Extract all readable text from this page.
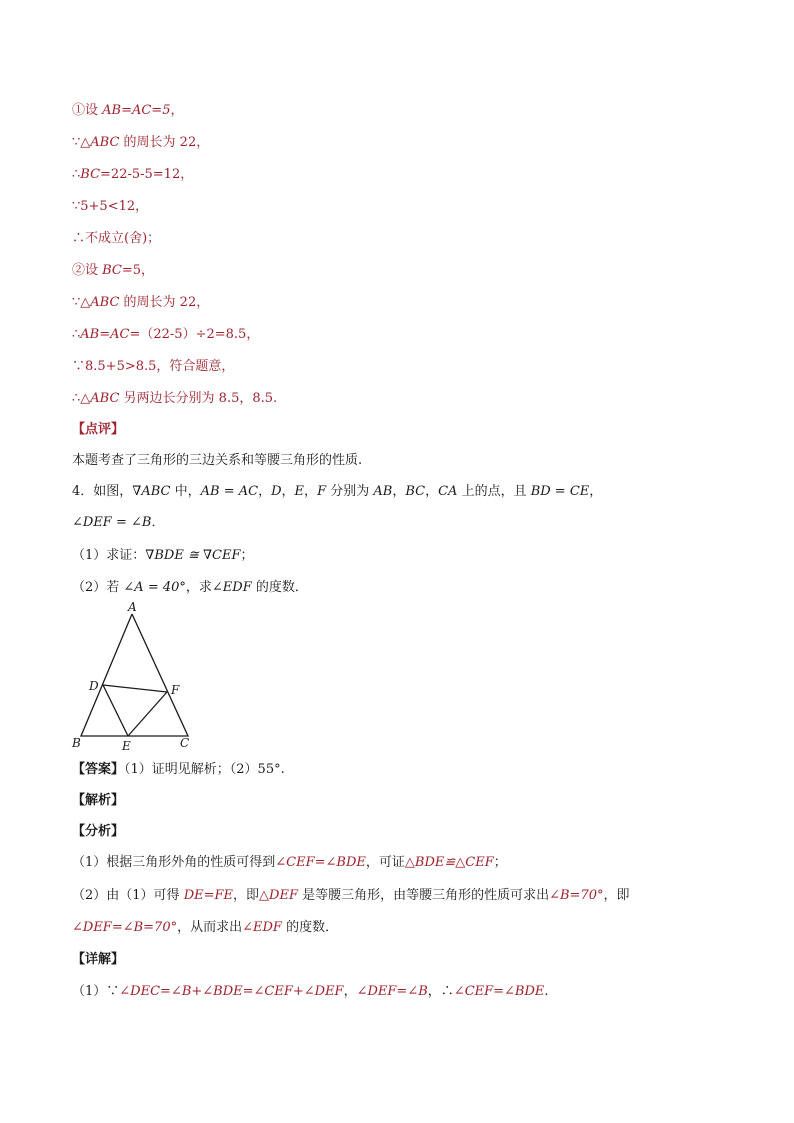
①设 AB=AC=5，
∵△ABC 的周长为 22，
∴BC=22-5-5=12，
∵5+5<12，
∴不成立(舍)；
②设 BC=5，
∵△ABC 的周长为 22，
∴AB=AC=（22-5）÷2=8.5，
∵8.5+5>8.5，符合题意，
∴△ABC 另两边长分别为 8.5，8.5.
【点评】
本题考查了三角形的三边关系和等腰三角形的性质.
4．如图，∇ABC 中，AB = AC，D，E，F 分别为 AB，BC，CA 上的点，且 BD = CE，
∠DEF = ∠B．
（1）求证：∇BDE ≅ ∇CEF；
（2）若 ∠A = 40°，求∠EDF 的度数．
A
D	F
B	E	C
【答案】（1）证明见解析；（2）55°.
【解析】
【分析】
（1）根据三角形外角的性质可得到∠CEF=∠BDE，可证△BDE≌△CEF；
（2）由（1）可得 DE=FE，即△DEF 是等腰三角形，由等腰三角形的性质可求出∠B=70°，即
∠DEF=∠B=70°，从而求出∠EDF 的度数．
【详解】
（1）∵∠DEC=∠B+∠BDE=∠CEF+∠DEF，∠DEF=∠B，∴∠CEF=∠BDE.
